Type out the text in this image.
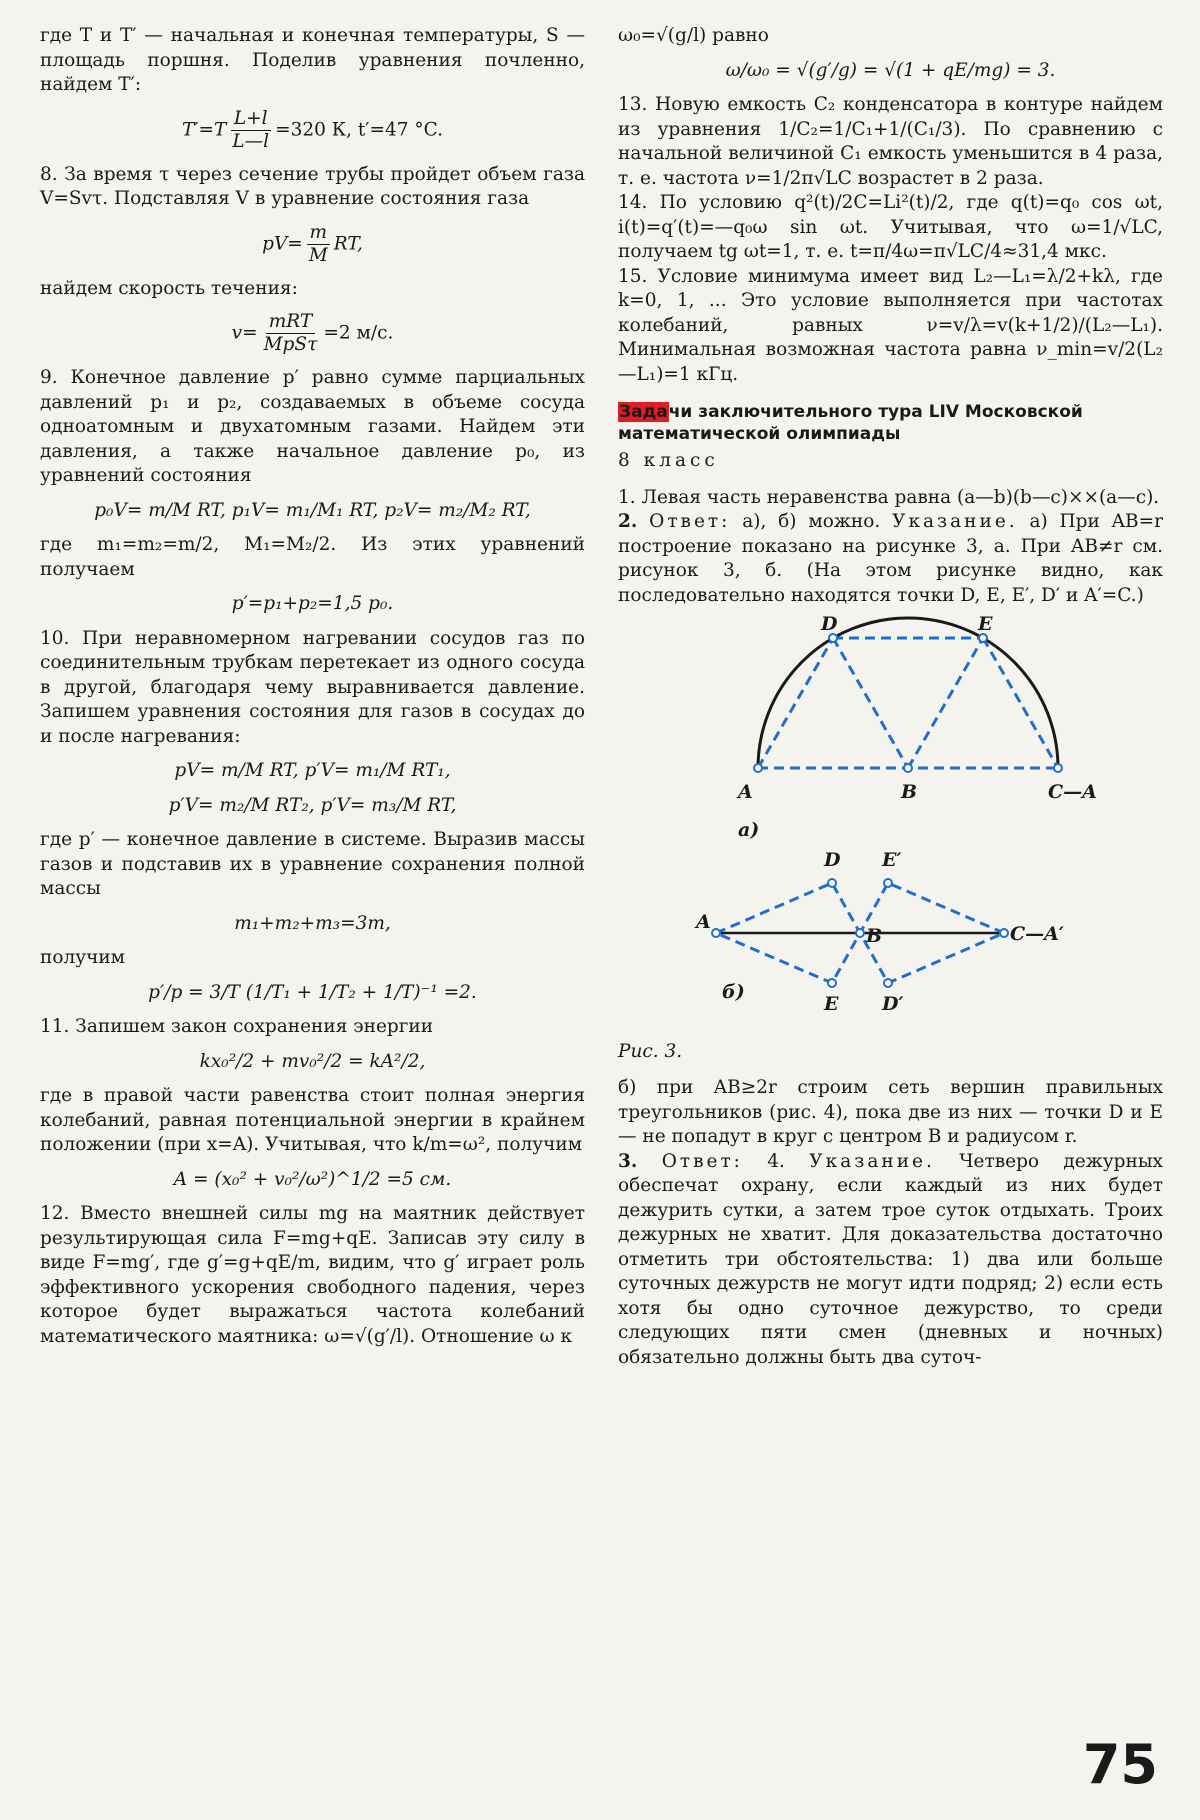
где T и T′ — начальная и конечная температуры, S — площадь поршня. Поделив уравнения почленно, найдем T′:

$T'=T \frac{L+l}{L—l} =320$ К, t′=47 °C.

8. За время τ через сечение трубы пройдет объем газа V=Svτ. Подставляя V в уравнение состояния газа

$pV= \frac{m}{M}$ RT,

найдем скорость течения:

$v= \frac{\text{mRT}}{\text{MpSτ}} =2$ м/с.

9. Конечное давление p′ равно сумме парциальных давлений p₁ и p₂, создаваемых в объеме сосуда одноатомным и двухатомным газами. Найдем эти давления, а также начальное давление p₀, из уравнений состояния

p₀V= m/M RT, p₁V= m₁/M₁ RT, p₂V= m₂/M₂ RT,

где m₁=m₂=m/2, M₁=M₂/2. Из этих уравнений получаем

p′=p₁+p₂=1,5 p₀.

10. При неравномерном нагревании сосудов газ по соединительным трубкам перетекает из одного сосуда в другой, благодаря чему выравнивается давление. Запишем уравнения состояния для газов в сосудах до и после нагревания:

pV= m/M RT, p′V= m₁/M RT₁,
p′V= m₂/M RT₂, p′V= m₃/M RT,

где p′ — конечное давление в системе. Выразив массы газов и подставив их в уравнение сохранения полной массы

m₁+m₂+m₃=3m,

получим

p′/p = 3/T (1/T₁ + 1/T₂ + 1/T)⁻¹ =2.

11. Запишем закон сохранения энергии

kx₀²/2 + mv₀²/2 = kA²/2,

где в правой части равенства стоит полная энергия колебаний, равная потенциальной энергии в крайнем положении (при x=A). Учитывая, что k/m=ω², получим

A = (x₀² + v₀²/ω²)^1/2 =5 см.

12. Вместо внешней силы mg на маятник действует результирующая сила F=mg+qE. Записав эту силу в виде F=mg′, где g′=g+qE/m, видим, что g′ играет роль эффективного ускорения свободного падения, через которое будет выражаться частота колебаний математического маятника: ω=√(g′/l). Отношение ω к

ω₀=√(g/l) равно

ω/ω₀ = √(g′/g) = √(1 + qE/mg) = 3.

13. Новую емкость C₂ конденсатора в контуре найдем из уравнения 1/C₂=1/C₁+1/(C₁/3). По сравнению с начальной величиной C₁ емкость уменьшится в 4 раза, т. е. частота ν=1/2π√LC возрастет в 2 раза.

14. По условию q²(t)/2C=Li²(t)/2, где q(t)=q₀ cos ωt, i(t)=q′(t)=—q₀ω sin ωt. Учитывая, что ω=1/√LC, получаем tg ωt=1, т. е. t=π/4ω=π√LC/4≈31,4 мкс.

15. Условие минимума имеет вид L₂—L₁=λ/2+kλ, где k=0, 1, ... Это условие выполняется при частотах колебаний, равных ν=v/λ=v(k+1/2)/(L₂—L₁). Минимальная возможная частота равна ν_min=v/2(L₂—L₁)=1 кГц.

Задачи заключительного тура LIV Московской математической олимпиады
8 класс

1. Левая часть неравенства равна (a—b)(b—c)××(a—c).

2. Ответ: а), б) можно. Указание. а) При AB=r построение показано на рисунке 3, а. При AB≠r см. рисунок 3, б. (На этом рисунке видно, как последовательно находятся точки D, E, E′, D′ и A′=C.)

A	B	C—A
D	E
а)
A
B	C—A′
D E′
E D′
б)
Рис. 3.

б) при AB≥2r строим сеть вершин правильных треугольников (рис. 4), пока две из них — точки D и E — не попадут в круг с центром B и радиусом r.

3. Ответ: 4. Указание. Четверо дежурных обеспечат охрану, если каждый из них будет дежурить сутки, а затем трое суток отдыхать. Троих дежурных не хватит. Для доказательства достаточно отметить три обстоятельства: 1) два или больше суточных дежурств не могут идти подряд; 2) если есть хотя бы одно суточное дежурство, то среди следующих пяти смен (дневных и ночных) обязательно должны быть два суточ-

75
